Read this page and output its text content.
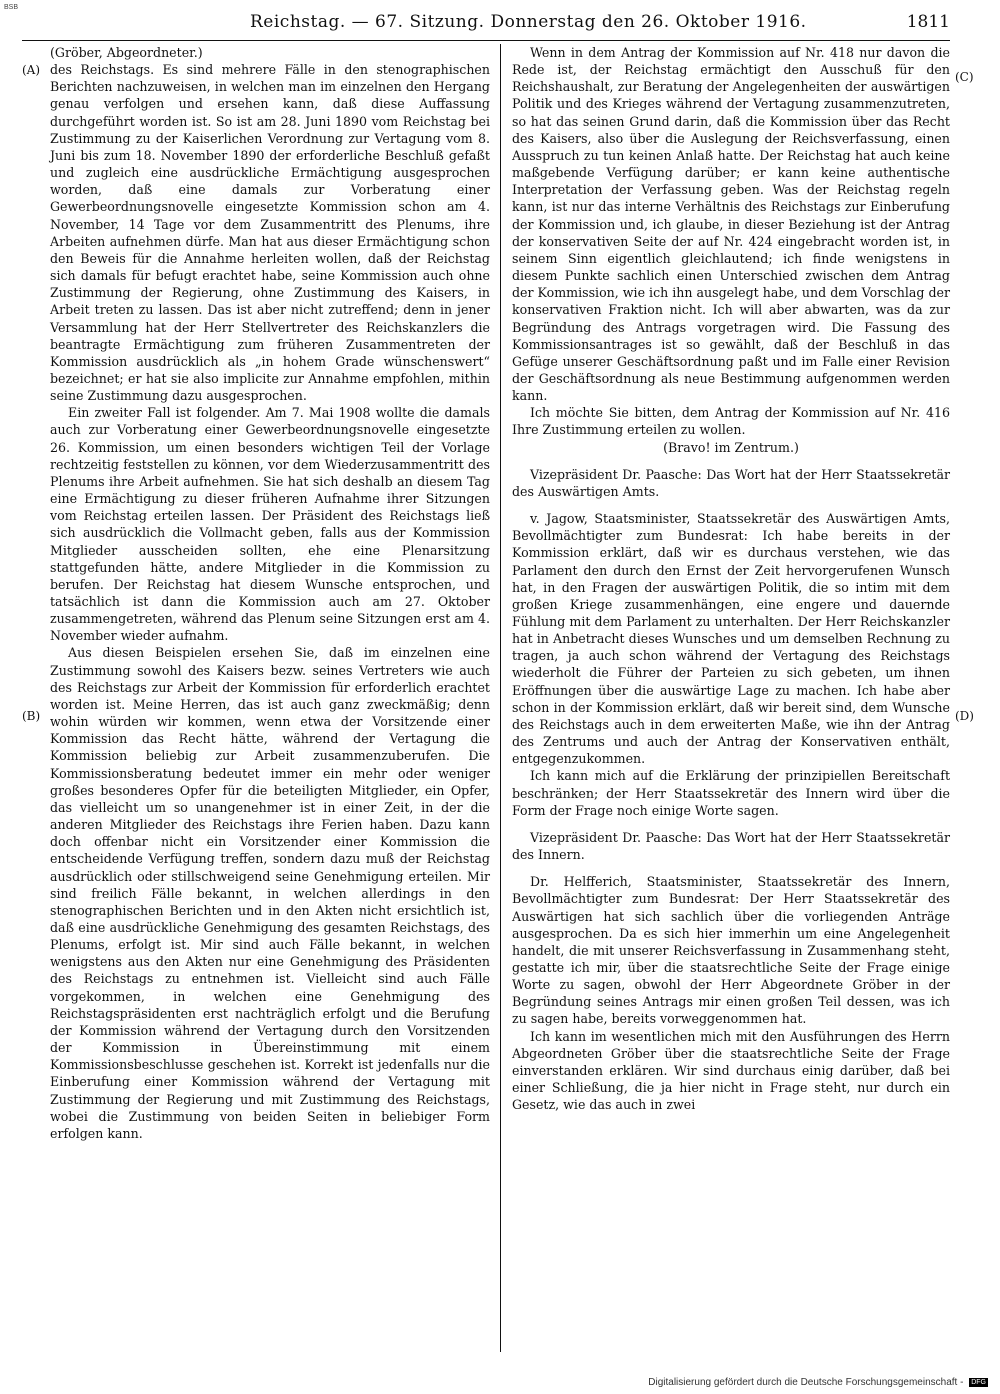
BSB
Reichstag. — 67. Sitzung. Donnerstag den 26. Oktober 1916.	1811
(A)
(B)
(C)
(D)

(Gröber, Abgeordneter.)

des Reichstags. Es sind mehrere Fälle in den stenographischen Berichten nachzuweisen, in welchen man im einzelnen den Hergang genau verfolgen und ersehen kann, daß diese Auffassung durchgeführt worden ist. So ist am 28. Juni 1890 vom Reichstag bei Zustimmung zu der Kaiserlichen Verordnung zur Vertagung vom 8. Juni bis zum 18. November 1890 der erforderliche Beschluß gefaßt und zugleich eine ausdrückliche Ermächtigung ausgesprochen worden, daß eine damals zur Vorberatung einer Gewerbeordnungsnovelle eingesetzte Kommission schon am 4. November, 14 Tage vor dem Zusammentritt des Plenums, ihre Arbeiten aufnehmen dürfe. Man hat aus dieser Ermächtigung schon den Beweis für die Annahme herleiten wollen, daß der Reichstag sich damals für befugt erachtet habe, seine Kommission auch ohne Zustimmung der Regierung, ohne Zustimmung des Kaisers, in Arbeit treten zu lassen. Das ist aber nicht zutreffend; denn in jener Versammlung hat der Herr Stellvertreter des Reichskanzlers die beantragte Ermächtigung zum früheren Zusammentreten der Kommission ausdrücklich als „in hohem Grade wünschenswert“ bezeichnet; er hat sie also implicite zur Annahme empfohlen, mithin seine Zustimmung dazu ausgesprochen.

Ein zweiter Fall ist folgender. Am 7. Mai 1908 wollte die damals auch zur Vorberatung einer Gewerbeordnungsnovelle eingesetzte 26. Kommission, um einen besonders wichtigen Teil der Vorlage rechtzeitig feststellen zu können, vor dem Wiederzusammentritt des Plenums ihre Arbeit aufnehmen. Sie hat sich deshalb an diesem Tag eine Ermächtigung zu dieser früheren Aufnahme ihrer Sitzungen vom Reichstag erteilen lassen. Der Präsident des Reichstags ließ sich ausdrücklich die Vollmacht geben, falls aus der Kommission Mitglieder ausscheiden sollten, ehe eine Plenarsitzung stattgefunden hätte, andere Mitglieder in die Kommission zu berufen. Der Reichstag hat diesem Wunsche entsprochen, und tatsächlich ist dann die Kommission auch am 27. Oktober zusammengetreten, während das Plenum seine Sitzungen erst am 4. November wieder aufnahm.

Aus diesen Beispielen ersehen Sie, daß im einzelnen eine Zustimmung sowohl des Kaisers bezw. seines Vertreters wie auch des Reichstags zur Arbeit der Kommission für erforderlich erachtet worden ist. Meine Herren, das ist auch ganz zweckmäßig; denn wohin würden wir kommen, wenn etwa der Vorsitzende einer Kommission das Recht hätte, während der Vertagung die Kommission beliebig zur Arbeit zusammenzuberufen. Die Kommissionsberatung bedeutet immer ein mehr oder weniger großes besonderes Opfer für die beteiligten Mitglieder, ein Opfer, das vielleicht um so unangenehmer ist in einer Zeit, in der die anderen Mitglieder des Reichstags ihre Ferien haben. Dazu kann doch offenbar nicht ein Vorsitzender einer Kommission die entscheidende Verfügung treffen, sondern dazu muß der Reichstag ausdrücklich oder stillschweigend seine Genehmigung erteilen. Mir sind freilich Fälle bekannt, in welchen allerdings in den stenographischen Berichten und in den Akten nicht ersichtlich ist, daß eine ausdrückliche Genehmigung des gesamten Reichstags, des Plenums, erfolgt ist. Mir sind auch Fälle bekannt, in welchen wenigstens aus den Akten nur eine Genehmigung des Präsidenten des Reichstags zu entnehmen ist. Vielleicht sind auch Fälle vorgekommen, in welchen eine Genehmigung des Reichstagspräsidenten erst nachträglich erfolgt und die Berufung der Kommission während der Vertagung durch den Vorsitzenden der Kommission in Übereinstimmung mit einem Kommissionsbeschlusse geschehen ist. Korrekt ist jedenfalls nur die Einberufung einer Kommission während der Vertagung mit Zustimmung der Regierung und mit Zustimmung des Reichstags, wobei die Zustimmung von beiden Seiten in beliebiger Form erfolgen kann.

Wenn in dem Antrag der Kommission auf Nr. 418 nur davon die Rede ist, der Reichstag ermächtigt den Ausschuß für den Reichshaushalt, zur Beratung der Angelegenheiten der auswärtigen Politik und des Krieges während der Vertagung zusammenzutreten, so hat das seinen Grund darin, daß die Kommission über das Recht des Kaisers, also über die Auslegung der Reichsverfassung, einen Ausspruch zu tun keinen Anlaß hatte. Der Reichstag hat auch keine maßgebende Verfügung darüber; er kann keine authentische Interpretation der Verfassung geben. Was der Reichstag regeln kann, ist nur das interne Verhältnis des Reichstags zur Einberufung der Kommission und, ich glaube, in dieser Beziehung ist der Antrag der konservativen Seite der auf Nr. 424 eingebracht worden ist, in seinem Sinn eigentlich gleichlautend; ich finde wenigstens in diesem Punkte sachlich einen Unterschied zwischen dem Antrag der Kommission, wie ich ihn ausgelegt habe, und dem Vorschlag der konservativen Fraktion nicht. Ich will aber abwarten, was da zur Begründung des Antrags vorgetragen wird. Die Fassung des Kommissionsantrages ist so gewählt, daß der Beschluß in das Gefüge unserer Geschäftsordnung paßt und im Falle einer Revision der Geschäftsordnung als neue Bestimmung aufgenommen werden kann.

Ich möchte Sie bitten, dem Antrag der Kommission auf Nr. 416 Ihre Zustimmung erteilen zu wollen.

(Bravo! im Zentrum.)

Vizepräsident Dr. Paasche: Das Wort hat der Herr Staatssekretär des Auswärtigen Amts.

v. Jagow, Staatsminister, Staatssekretär des Auswärtigen Amts, Bevollmächtigter zum Bundesrat: Ich habe bereits in der Kommission erklärt, daß wir es durchaus verstehen, wie das Parlament den durch den Ernst der Zeit hervorgerufenen Wunsch hat, in den Fragen der auswärtigen Politik, die so intim mit dem großen Kriege zusammenhängen, eine engere und dauernde Fühlung mit dem Parlament zu unterhalten. Der Herr Reichskanzler hat in Anbetracht dieses Wunsches und um demselben Rechnung zu tragen, ja auch schon während der Vertagung des Reichstags wiederholt die Führer der Parteien zu sich gebeten, um ihnen Eröffnungen über die auswärtige Lage zu machen. Ich habe aber schon in der Kommission erklärt, daß wir bereit sind, dem Wunsche des Reichstags auch in dem erweiterten Maße, wie ihn der Antrag des Zentrums und auch der Antrag der Konservativen enthält, entgegenzukommen.

Ich kann mich auf die Erklärung der prinzipiellen Bereitschaft beschränken; der Herr Staatssekretär des Innern wird über die Form der Frage noch einige Worte sagen.

Vizepräsident Dr. Paasche: Das Wort hat der Herr Staatssekretär des Innern.

Dr. Helfferich, Staatsminister, Staatssekretär des Innern, Bevollmächtigter zum Bundesrat: Der Herr Staatssekretär des Auswärtigen hat sich sachlich über die vorliegenden Anträge ausgesprochen. Da es sich hier immerhin um eine Angelegenheit handelt, die mit unserer Reichsverfassung in Zusammenhang steht, gestatte ich mir, über die staatsrechtliche Seite der Frage einige Worte zu sagen, obwohl der Herr Abgeordnete Gröber in der Begründung seines Antrags mir einen großen Teil dessen, was ich zu sagen habe, bereits vorweggenommen hat.

Ich kann im wesentlichen mich mit den Ausführungen des Herrn Abgeordneten Gröber über die staatsrechtliche Seite der Frage einverstanden erklären. Wir sind durchaus einig darüber, daß bei einer Schließung, die ja hier nicht in Frage steht, nur durch ein Gesetz, wie das auch in zwei

Digitalisierung gefördert durch die Deutsche Forschungsgemeinschaft - DFG
